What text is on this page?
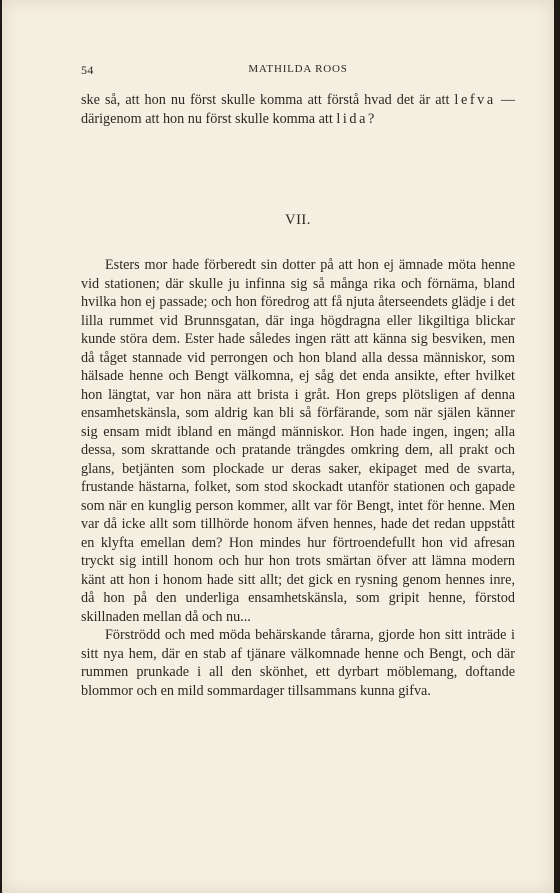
54	MATHILDA ROOS

ske så, att hon nu först skulle komma att förstå hvad det är att lefva — därigenom att hon nu först skulle komma att lida?

VII.

Esters mor hade förberedt sin dotter på att hon ej ämnade möta henne vid stationen; där skulle ju infinna sig så många rika och förnäma, bland hvilka hon ej passade; och hon föredrog att få njuta återseendets glädje i det lilla rummet vid Brunnsgatan, där inga högdragna eller likgiltiga blickar kunde störa dem. Ester hade således ingen rätt att känna sig besviken, men då tåget stannade vid perrongen och hon bland alla dessa människor, som hälsade henne och Bengt välkomna, ej såg det enda ansikte, efter hvilket hon längtat, var hon nära att brista i gråt. Hon greps plötsligen af denna ensamhetskänsla, som aldrig kan bli så förfärande, som när själen känner sig ensam midt ibland en mängd människor. Hon hade ingen, ingen; alla dessa, som skrattande och pratande trängdes omkring dem, all prakt och glans, betjänten som plockade ur deras saker, ekipaget med de svarta, frustande hästarna, folket, som stod skockadt utanför stationen och gapade som när en kunglig person kommer, allt var för Bengt, intet för henne. Men var då icke allt som tillhörde honom äfven hennes, hade det redan uppstått en klyfta emellan dem? Hon mindes hur förtroendefullt hon vid afresan tryckt sig intill honom och hur hon trots smärtan öfver att lämna modern känt att hon i honom hade sitt allt; det gick en rysning genom hennes inre, då hon på den underliga ensamhetskänsla, som gripit henne, förstod skillnaden mellan då och nu...

Förströdd och med möda behärskande tårarna, gjorde hon sitt inträde i sitt nya hem, där en stab af tjänare välkomnade henne och Bengt, och där rummen prunkade i all den skönhet, ett dyrbart möblemang, doftande blommor och en mild sommardager tillsammans kunna gifva.
